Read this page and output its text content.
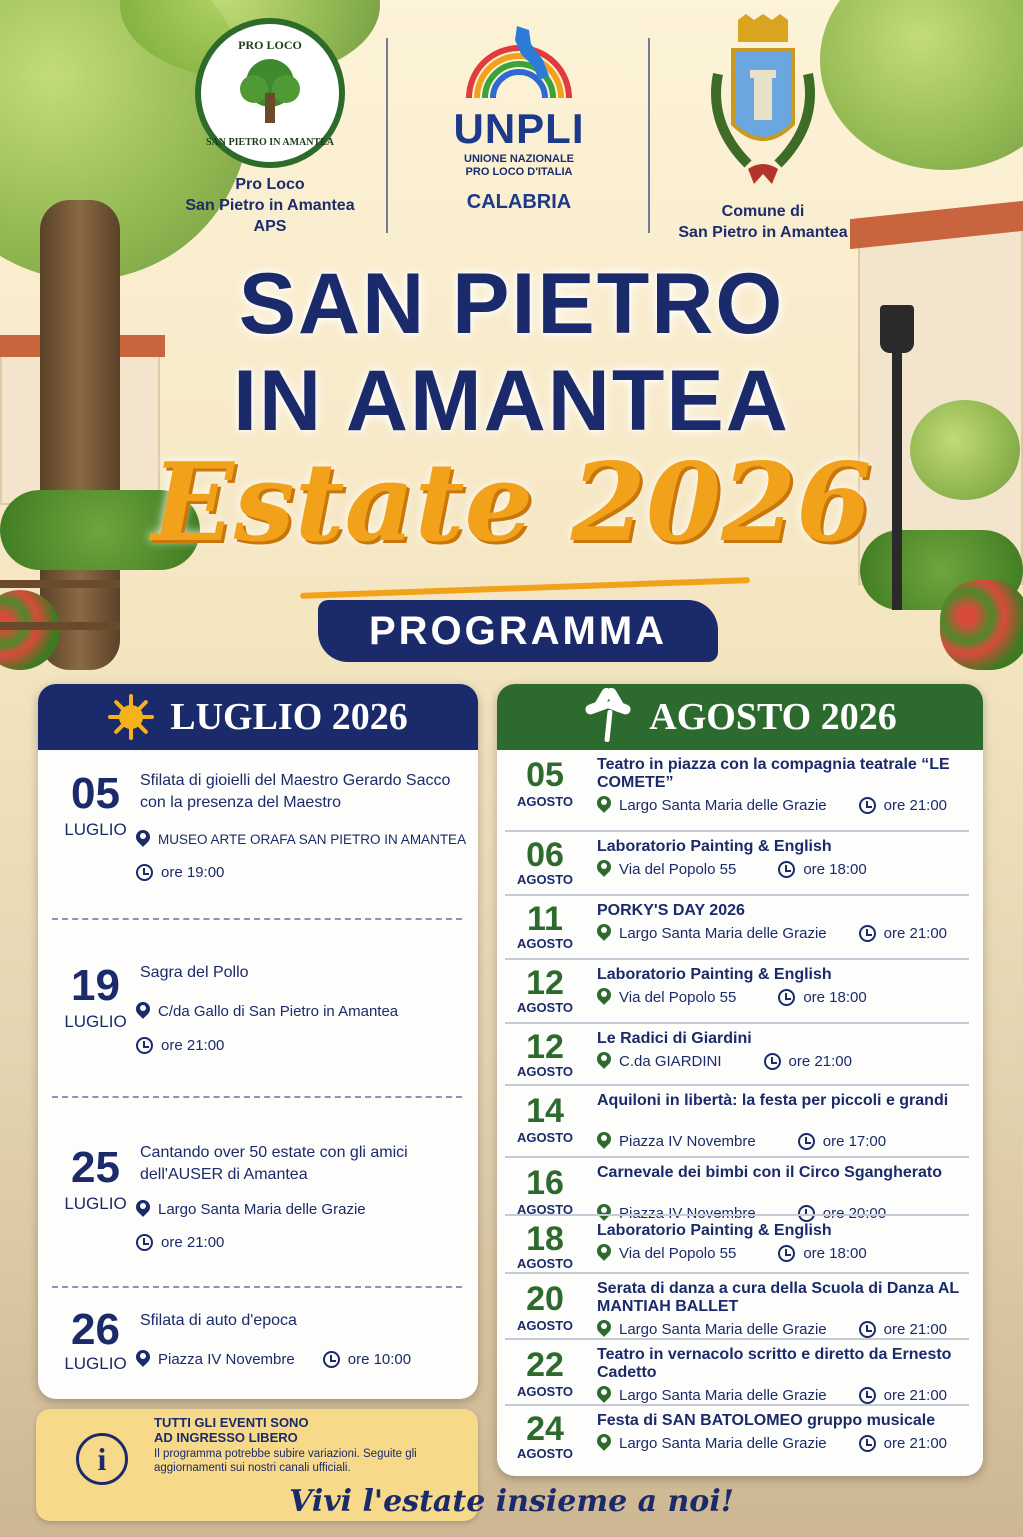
PRO LOCO
SAN PIETRO IN AMANTEA
Pro Loco
San Pietro in Amantea
APS
UNPLI
UNIONE NAZIONALE
PRO LOCO D'ITALIA
CALABRIA	Comune di
San Pietro in Amantea
SAN PIETRO
IN AMANTEA
Estate 2026
PROGRAMMA
LUGLIO 2026
05
LUGLIO
Sfilata di gioielli del Maestro Gerardo Sacco con la presenza del Maestro
MUSEO ARTE ORAFA SAN PIETRO IN AMANTEA
ore 19:00
19
LUGLIO
Sagra del Pollo
C/da Gallo di San Pietro in Amantea
ore 21:00
25
LUGLIO
Cantando over 50 estate con gli amici dell'AUSER di Amantea
Largo Santa Maria delle Grazie
ore 21:00
26
LUGLIO
Sfilata di auto d'epoca
Piazza IV Novembre	ore 10:00
AGOSTO 2026
05
AGOSTO
Teatro in piazza con la compagnia teatrale “LE COMETE”
Largo Santa Maria delle Grazie	ore 21:00
06
AGOSTO
Laboratorio Painting & English
Via del Popolo 55	ore 18:00
11
AGOSTO
PORKY'S DAY 2026
Largo Santa Maria delle Grazie	ore 21:00
12
AGOSTO
Laboratorio Painting & English
Via del Popolo 55	ore 18:00
12
AGOSTO
Le Radici di Giardini
C.da GIARDINI	ore 21:00
14
AGOSTO
Aquiloni in libertà: la festa per piccoli e grandi
Piazza IV Novembre	ore 17:00
16
AGOSTO
Carnevale dei bimbi con il Circo Sgangherato
Piazza IV Novembre	ore 20:00
18
AGOSTO
Laboratorio Painting & English
Via del Popolo 55	ore 18:00
20
AGOSTO
Serata di danza a cura della Scuola di Danza AL MANTIAH BALLET
Largo Santa Maria delle Grazie	ore 21:00
22
AGOSTO
Teatro in vernacolo scritto e diretto da Ernesto Cadetto
Largo Santa Maria delle Grazie	ore 21:00
24
AGOSTO
Festa di SAN BATOLOMEO gruppo musicale
Largo Santa Maria delle Grazie	ore 21:00
i
TUTTI GLI EVENTI SONO
AD INGRESSO LIBERO
Il programma potrebbe subire variazioni. Seguite gli aggiornamenti sui nostri canali ufficiali.
Vivi l'estate insieme a noi!
